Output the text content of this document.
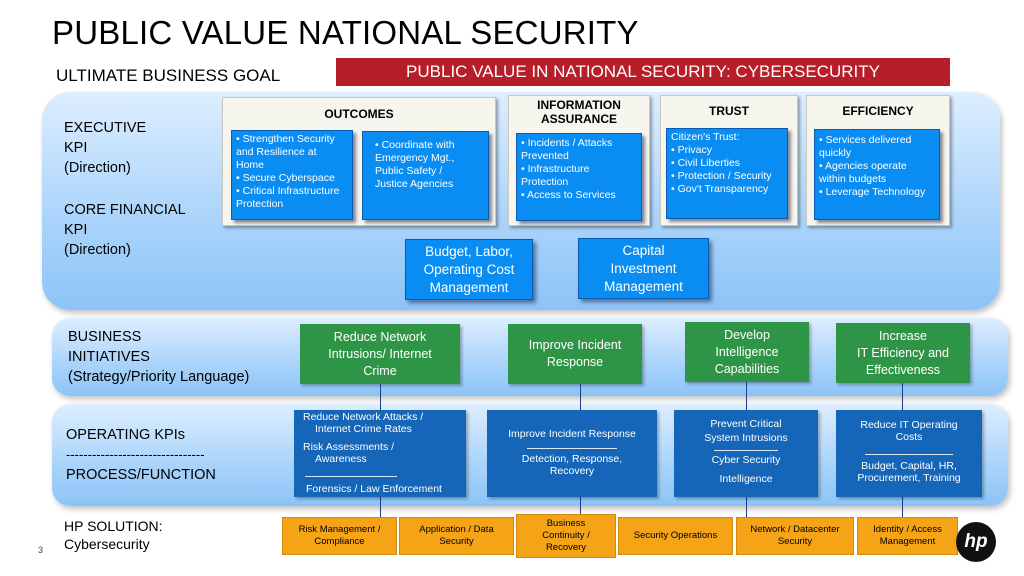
PUBLIC VALUE NATIONAL SECURITY
ULTIMATE BUSINESS GOAL	PUBLIC VALUE IN NATIONAL SECURITY: CYBERSECURITY
EXECUTIVE
KPI
(Direction)
CORE FINANCIAL
KPI
(Direction)
BUSINESS
INITIATIVES
(Strategy/Priority Language)
OPERATING KPIs
--------------------------------
PROCESS/FUNCTION
HP SOLUTION:
Cybersecurity
OUTCOMES
• Strengthen Security
and Resilience at
Home
• Secure Cyberspace
• Critical Infrastructure
Protection
• Coordinate with
Emergency Mgt.,
Public Safety /
Justice Agencies
INFORMATION
ASSURANCE
• Incidents / Attacks
Prevented
• Infrastructure
Protection
• Access to Services
TRUST
Citizen's Trust:
• Privacy
• Civil Liberties
• Protection / Security
• Gov't Transparency
EFFICIENCY
• Services delivered
quickly
• Agencies operate
within budgets
• Leverage Technology
Budget, Labor,
Operating Cost
Management
Capital
Investment
Management
Reduce Network
Intrusions/ Internet
Crime
Improve Incident
Response
Develop
Intelligence
Capabilities
Increase
IT Efficiency and
Effectiveness
Reduce Network Attacks /
Internet Crime Rates
Risk Assessments /
Awareness
Forensics / Law Enforcement
Improve Incident Response
Detection, Response,
Recovery
Prevent Critical
System Intrusions
Cyber Security
Intelligence
Reduce IT Operating
Costs
Budget, Capital, HR,
Procurement, Training
Risk Management /
Compliance
Application / Data
Security
Business
Continuity /
Recovery
Security Operations
Network / Datacenter
Security
Identity / Access
Management
3	hp
